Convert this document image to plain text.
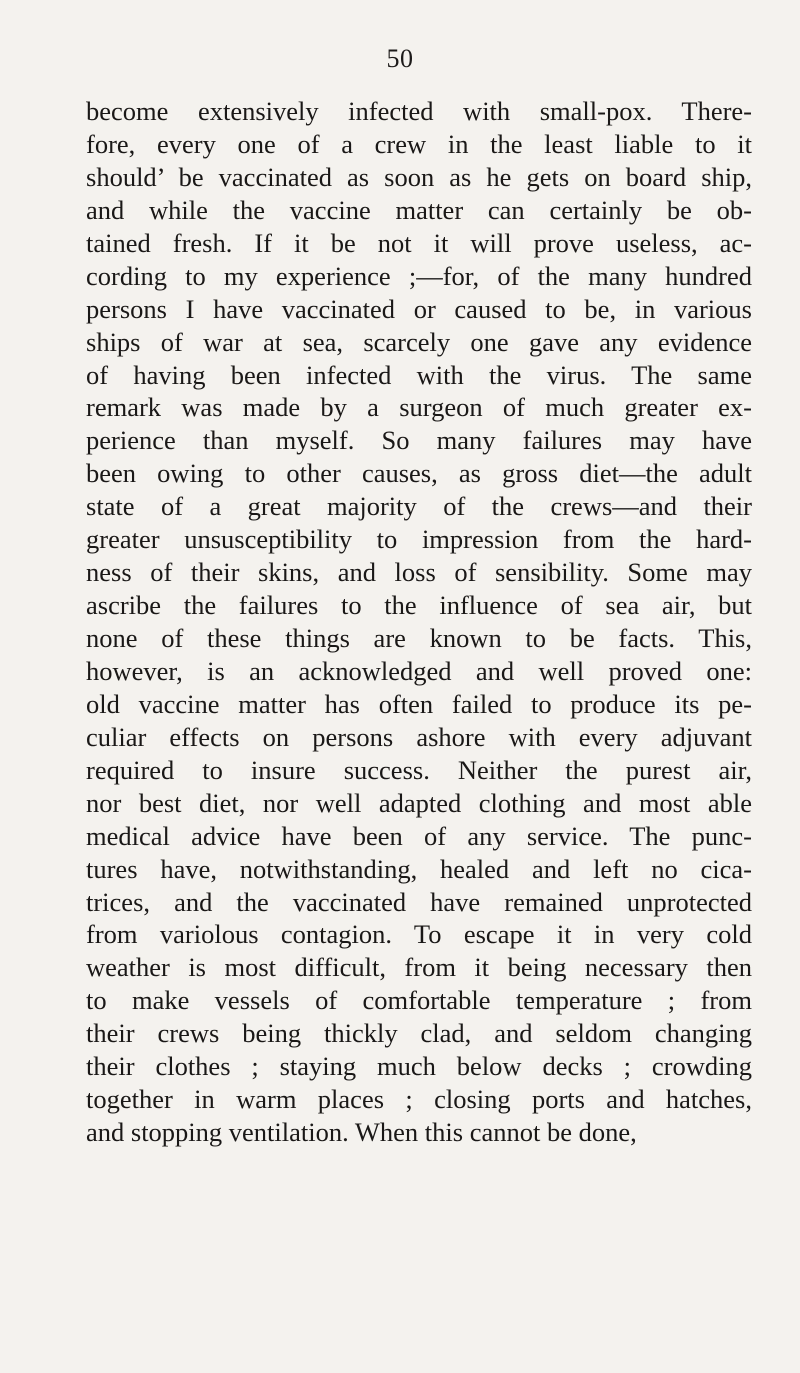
50
become extensively infected with small-pox. There-
fore, every one of a crew in the least liable to it
should’ be vaccinated as soon as he gets on board ship,
and while the vaccine matter can certainly be ob-
tained fresh. If it be not it will prove useless, ac-
cording to my experience ;—for, of the many hundred
persons I have vaccinated or caused to be, in various
ships of war at sea, scarcely one gave any evidence
of having been infected with the virus. The same
remark was made by a surgeon of much greater ex-
perience than myself. So many failures may have
been owing to other causes, as gross diet—the adult
state of a great majority of the crews—and their
greater unsusceptibility to impression from the hard-
ness of their skins, and loss of sensibility. Some may
ascribe the failures to the influence of sea air, but
none of these things are known to be facts. This,
however, is an acknowledged and well proved one:
old vaccine matter has often failed to produce its pe-
culiar effects on persons ashore with every adjuvant
required to insure success. Neither the purest air,
nor best diet, nor well adapted clothing and most able
medical advice have been of any service. The punc-
tures have, notwithstanding, healed and left no cica-
trices, and the vaccinated have remained unprotected
from variolous contagion. To escape it in very cold
weather is most difficult, from it being necessary then
to make vessels of comfortable temperature ; from
their crews being thickly clad, and seldom changing
their clothes ; staying much below decks ; crowding
together in warm places ; closing ports and hatches,
and stopping ventilation. When this cannot be done,
